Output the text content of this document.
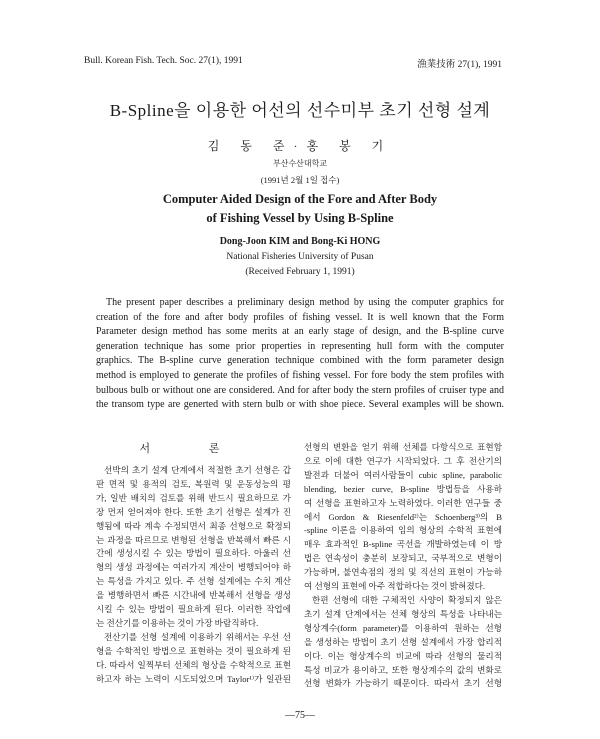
Bull. Korean Fish. Tech. Soc. 27(1), 1991	漁業技術 27(1), 1991
B-Spline을 이용한 어선의 선수미부 초기 선형 설계
김 동 준·홍 봉 기
부산수산대학교
(1991년 2월 1일 접수)
Computer Aided Design of the Fore and After Body
of Fishing Vessel by Using B-Spline
Dong-Joon KIM and Bong-Ki HONG
National Fisheries University of Pusan
(Received February 1, 1991)
The present paper describes a preliminary design method by using the computer graphics for
creation of the fore and after body profiles of fishing vessel. It is well known that the Form
Parameter design method has some merits at an early stage of design, and the B-spline curve
generation technique has some prior properties in representing hull form with the computer
graphics. The B-spline curve generation technique combined with the form parameter design
method is employed to generate the profiles of fishing vessel. For fore body the stem profiles with
bulbous bulb or without one are considered. And for after body the stern profiles of cruiser type and
the transom type are generted with stern bulb or with shoe piece. Several examples will be shown.
서 론
선박의 초기 설계 단계에서 적절한 초기 선형은 갑
판 면적 및 용적의 검토, 복원력 및 운동성능의 평
가, 일반 배치의 검토를 위해 반드시 필요하므로 가
장 먼저 얻어져야 한다. 또한 초기 선형은 설계가 진
행됨에 따라 계속 수정되면서 최종 선형으로 확정되
는 과정을 따르므로 변형된 선형을 반복해서 빠른 시
간에 생성시킬 수 있는 방법이 필요하다. 아울러 선
형의 생성 과정에는 여러가지 계산이 병행되어야 하
는 특성을 가지고 있다. 주 선형 설계에는 수치 계산
을 병행하면서 빠른 시간내에 반복해서 선형을 생성
시킬 수 있는 방법이 필요하게 된다. 이러한 작업에
는 전산기를 이용하는 것이 가장 바람직하다.
전산기를 선형 설계에 이용하기 위해서는 우선 선
형을 수학적인 방법으로 표현하는 것이 필요하게 된
다. 따라서 일찍부터 선체의 형상을 수학적으로 표현
하고자 하는 노력이 시도되었으며 Taylor¹⁾가 일관된
선형의 변환을 얻기 위해 선체를 다항식으로 표현함
으로 이에 대한 연구가 시작되었다. 그 후 전산기의
발전과 더불어 여러사람들이 cubic spline, parabolic
blending, bezier curve, B-spline 방법등을 사용하
여 선형을 표현하고자 노력하였다. 이러한 연구들 중
에서 Gordon & Riesenfeld²⁾는 Schoenberg³⁾의 B
-spline 이론을 이용하여 임의 형상의 수학적 표현에
매우 효과적인 B-spline 곡선을 개발하였는데 이 방
법은 연속성이 충분히 보장되고, 국부적으로 변형이
가능하며, 불연속점의 정의 및 직선의 표현이 가능하
여 선형의 표현에 아주 적합하다는 것이 밝혀졌다.
한편 선형에 대한 구체적인 사양이 확정되지 않은
초기 설계 단계에서는 선체 형상의 특성을 나타내는
형상계수(form parameter)를 이용하여 원하는 선형
을 생성하는 방법이 초기 선형 설계에서 가장 합리적
이다. 이는 형상계수의 비교에 따라 선형의 물리적
특성 비교가 용이하고, 또한 형상계수의 값의 변화로
선형 변화가 가능하기 때문이다. 따라서 초기 선형
—75—
